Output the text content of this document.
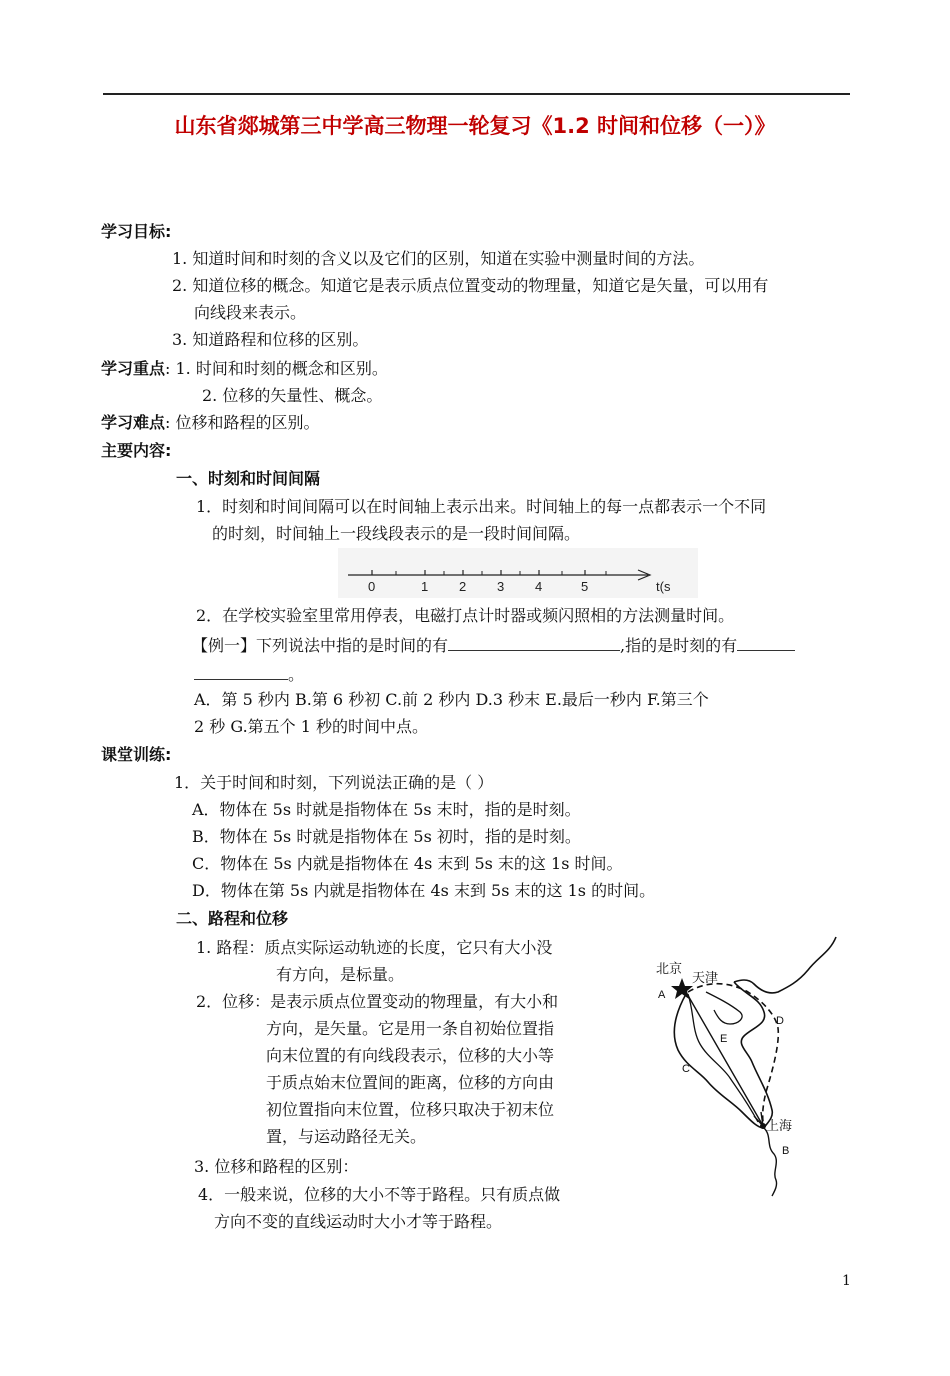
山东省郯城第三中学高三物理一轮复习《1.2 时间和位移（一）》
学习目标:
1. 知道时间和时刻的含义以及它们的区别，知道在实验中测量时间的方法。
2. 知道位移的概念。知道它是表示质点位置变动的物理量，知道它是矢量，可以用有
向线段来表示。
3. 知道路程和位移的区别。
学习重点: 1. 时间和时刻的概念和区别。
2. 位移的矢量性、概念。
学习难点: 位移和路程的区别。
主要内容:
一、时刻和时间间隔
1．时刻和时间间隔可以在时间轴上表示出来。时间轴上的每一点都表示一个不同
的时刻，时间轴上一段线段表示的是一段时间间隔。
0	1 2 3 4	5	t(s
2．在学校实验室里常用停表，电磁打点计时器或频闪照相的方法测量时间。
【例一】下列说法中指的是时间的有	,指的是时刻的有
。
A．第 5 秒内 B.第 6 秒初 C.前 2 秒内 D.3 秒末 E.最后一秒内 F.第三个
2 秒 G.第五个 1 秒的时间中点。
课堂训练:
1．关于时间和时刻，下列说法正确的是（ ）
A．物体在 5s 时就是指物体在 5s 末时，指的是时刻。
B．物体在 5s 时就是指物体在 5s 初时，指的是时刻。
C．物体在 5s 内就是指物体在 4s 末到 5s 末的这 1s 时间。
D．物体在第 5s 内就是指物体在 4s 末到 5s 末的这 1s 的时间。
二、路程和位移
1. 路程：质点实际运动轨迹的长度，它只有大小没
有方向，是标量。
2．位移：是表示质点位置变动的物理量，有大小和
方向，是矢量。它是用一条自初始位置指
向末位置的有向线段表示，位移的大小等
于质点始末位置间的距离，位移的方向由
初位置指向末位置，位移只取决于初末位
置，与运动路径无关。
3. 位移和路程的区别：
4．一般来说，位移的大小不等于路程。只有质点做
方向不变的直线运动时大小才等于路程。
北京
天津
A
D
E
C
上海
B
1
